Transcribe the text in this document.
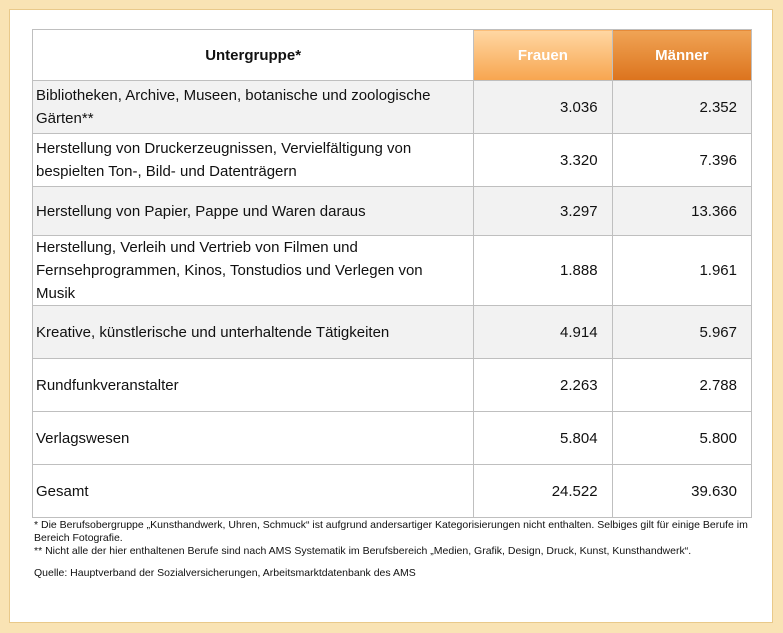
Untergruppe*	Frauen	Männer
Bibliotheken, Archive, Museen, botanische und zoologische Gärten**	3.036	2.352
Herstellung von Druckerzeugnissen, Vervielfältigung von bespielten Ton-, Bild- und Datenträgern	3.320	7.396
Herstellung von Papier, Pappe und Waren daraus	3.297	13.366
Herstellung, Verleih und Vertrieb von Filmen und Fernsehprogrammen, Kinos, Tonstudios und Verlegen von Musik	1.888	1.961
Kreative, künstlerische und unterhaltende Tätigkeiten	4.914	5.967
Rundfunkveranstalter	2.263	2.788
Verlagswesen	5.804	5.800
Gesamt	24.522	39.630

* Die Berufsobergruppe „Kunsthandwerk, Uhren, Schmuck“ ist aufgrund andersartiger Kategorisierungen nicht enthalten. Selbiges gilt für einige Berufe im Bereich Fotografie.

** Nicht alle der hier enthaltenen Berufe sind nach AMS Systematik im Berufsbereich „Medien, Grafik, Design, Druck, Kunst, Kunsthandwerk“.

Quelle: Hauptverband der Sozialversicherungen, Arbeitsmarktdatenbank des AMS
